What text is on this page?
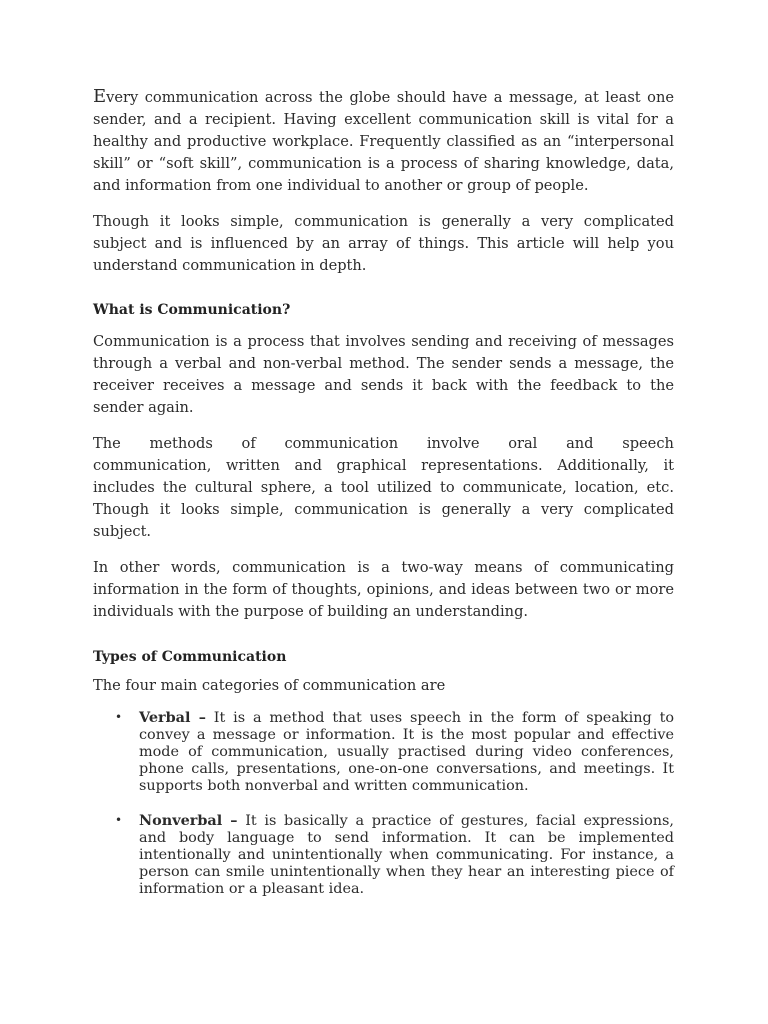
Every communication across the globe should have a message, at least one sender, and a recipient. Having excellent communication skill is vital for a healthy and productive workplace. Frequently classified as an “interpersonal skill” or “soft skill”, communication is a process of sharing knowledge, data, and information from one individual to another or group of people.

Though it looks simple, communication is generally a very complicated subject and is influenced by an array of things. This article will help you understand communication in depth.

What is Communication?

Communication is a process that involves sending and receiving of messages through a verbal and non-verbal method. The sender sends a message, the receiver receives a message and sends it back with the feedback to the sender again.

The methods of communication involve oral and speech

communication, written and graphical representations. Additionally, it includes the cultural sphere, a tool utilized to communicate, location, etc. Though it looks simple, communication is generally a very complicated subject.

In other words, communication is a two-way means of communicating information in the form of thoughts, opinions, and ideas between two or more individuals with the purpose of building an understanding.

Types of Communication

The four main categories of communication are

• Verbal – It is a method that uses speech in the form of speaking to convey a message or information. It is the most popular and effective mode of communication, usually practised during video conferences, phone calls, presentations, one-on-one conversations, and meetings. It supports both nonverbal and written communication.
• Nonverbal – It is basically a practice of gestures, facial expressions, and body language to send information. It can be implemented intentionally and unintentionally when communicating. For instance, a person can smile unintentionally when they hear an interesting piece of information or a pleasant idea.
